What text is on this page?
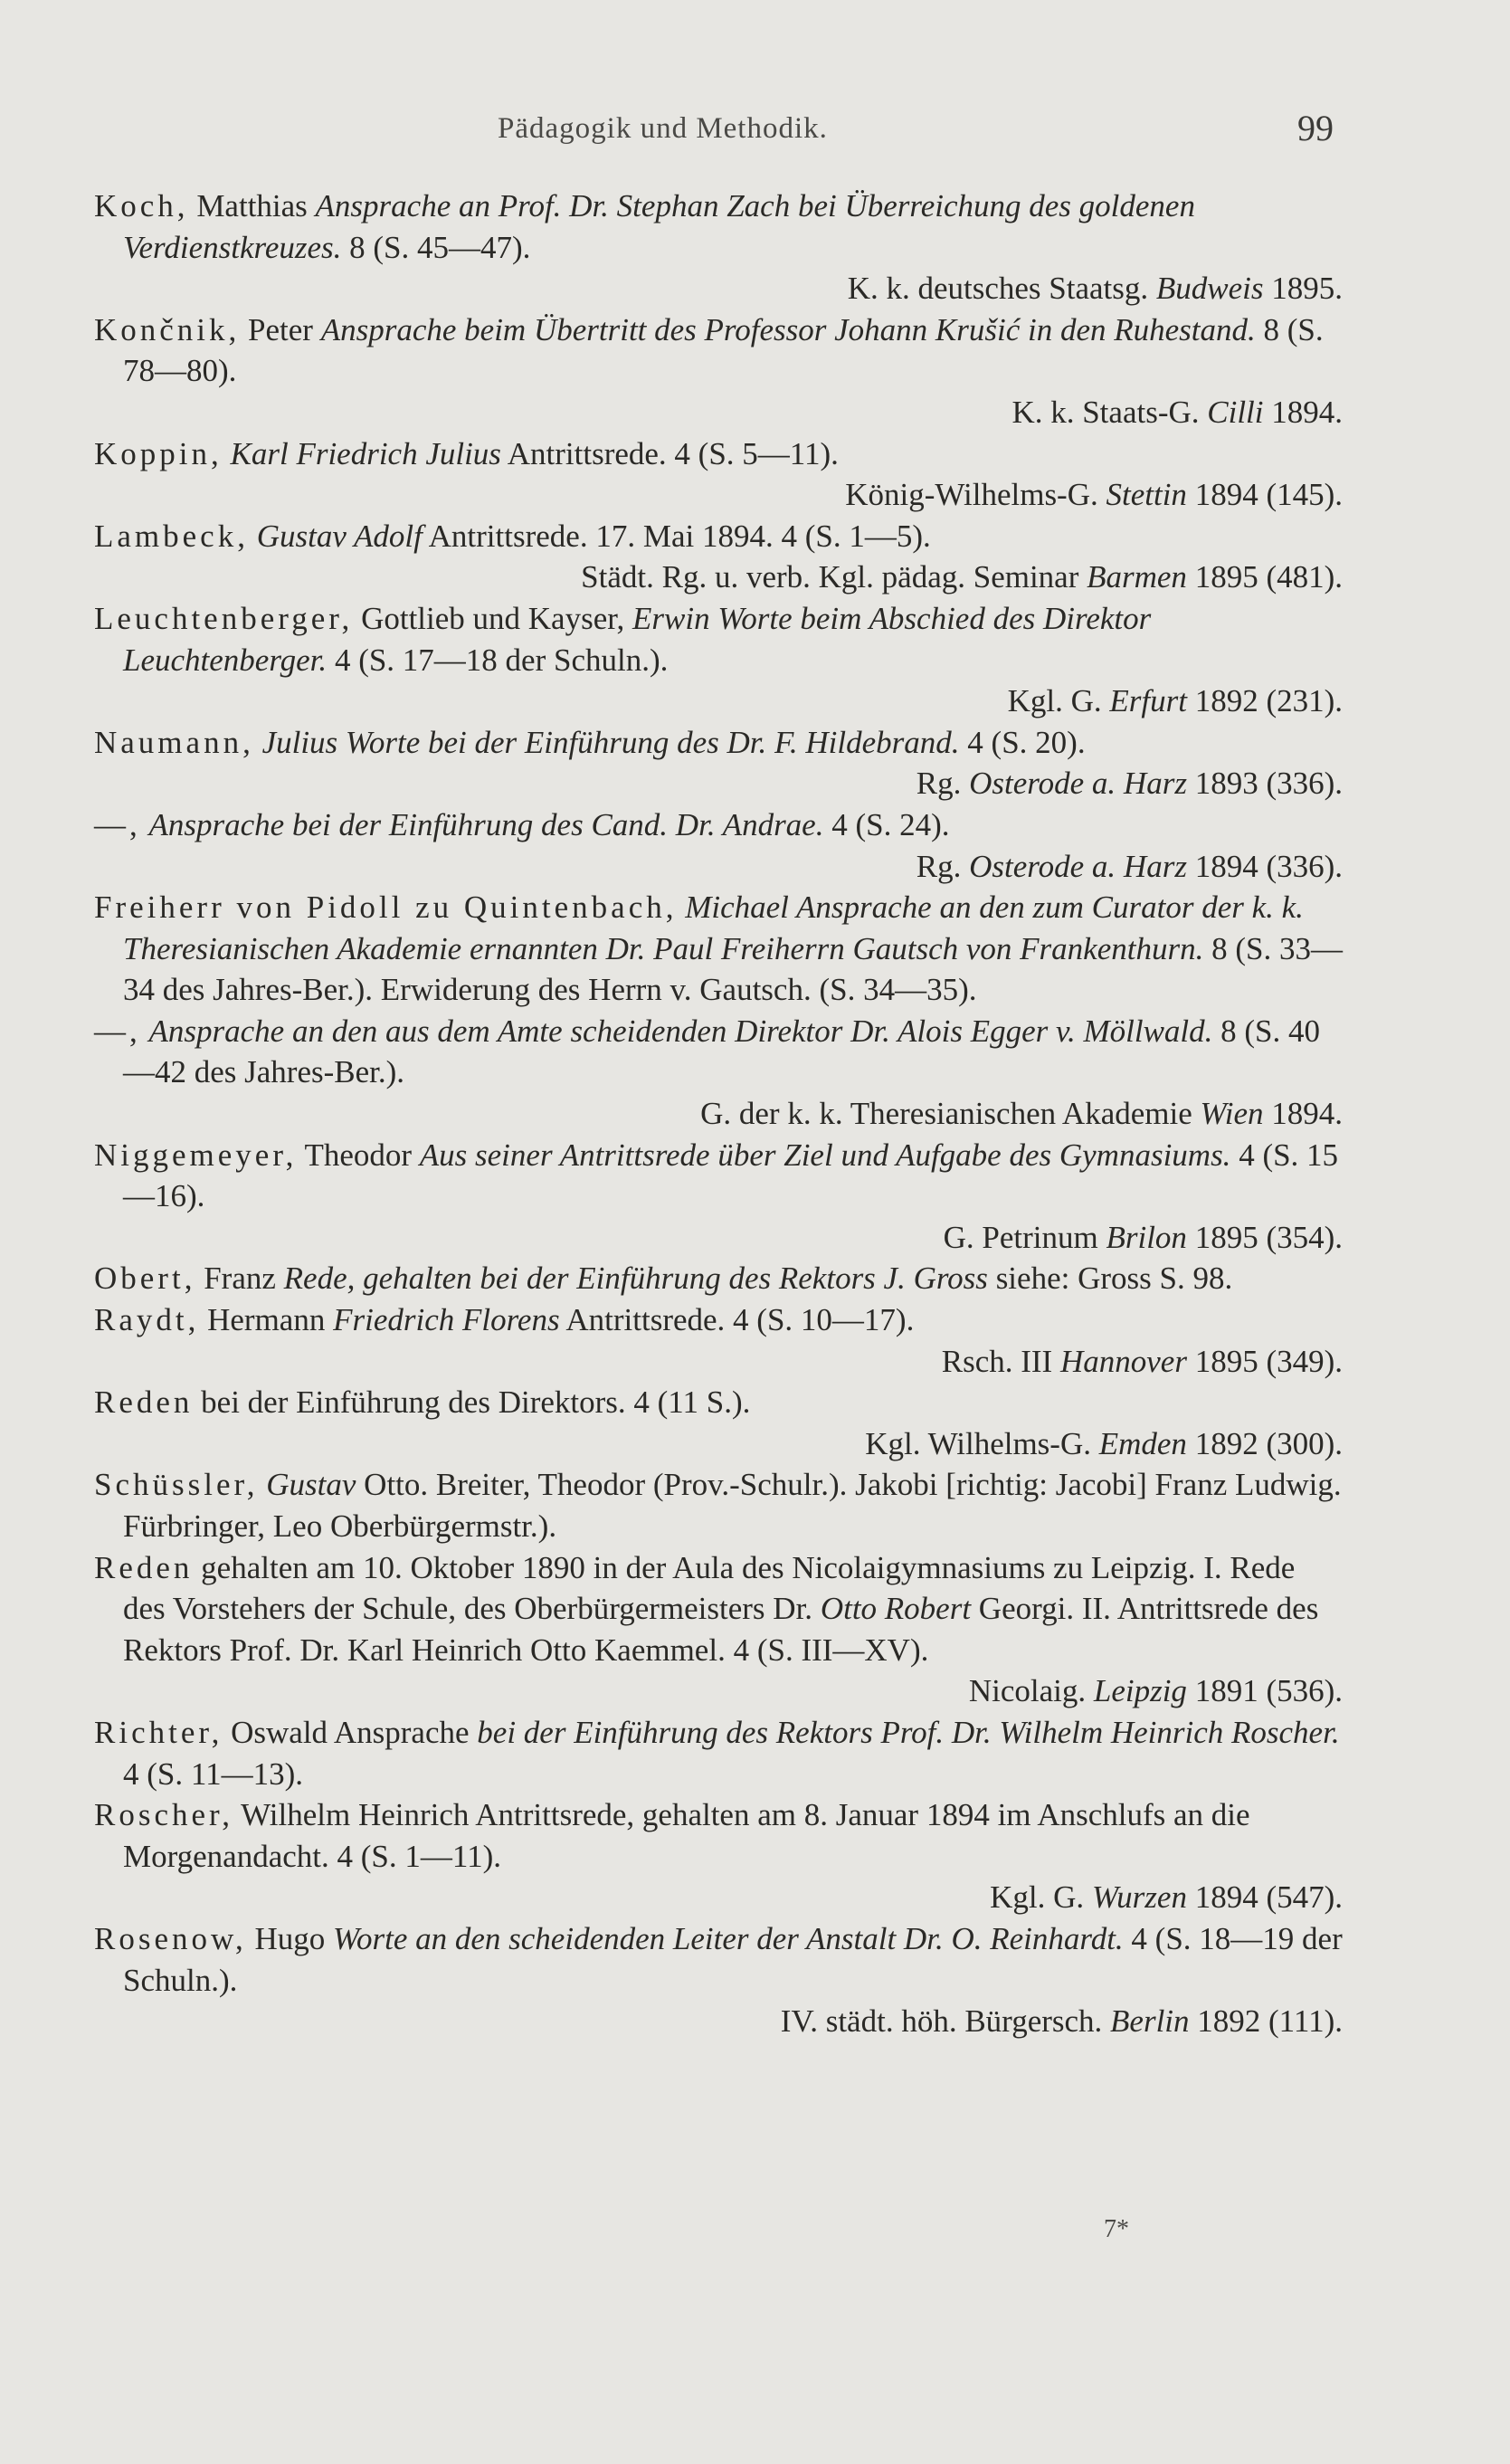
Pädagogik und Methodik.	99

Koch, Matthias Ansprache an Prof. Dr. Stephan Zach bei Überreichung des goldenen Verdienstkreuzes. 8 (S. 45—47).

K. k. deutsches Staatsg. Budweis 1895.

Končnik, Peter Ansprache beim Übertritt des Professor Johann Krušić in den Ruhestand. 8 (S. 78—80).

K. k. Staats-G. Cilli 1894.

Koppin, Karl Friedrich Julius Antrittsrede. 4 (S. 5—11).

König-Wilhelms-G. Stettin 1894 (145).

Lambeck, Gustav Adolf Antrittsrede. 17. Mai 1894. 4 (S. 1—5).

Städt. Rg. u. verb. Kgl. pädag. Seminar Barmen 1895 (481).

Leuchtenberger, Gottlieb und Kayser, Erwin Worte beim Abschied des Direktor Leuchtenberger. 4 (S. 17—18 der Schuln.).

Kgl. G. Erfurt 1892 (231).

Naumann, Julius Worte bei der Einführung des Dr. F. Hildebrand. 4 (S. 20).

Rg. Osterode a. Harz 1893 (336).

—, Ansprache bei der Einführung des Cand. Dr. Andrae. 4 (S. 24).

Rg. Osterode a. Harz 1894 (336).

Freiherr von Pidoll zu Quintenbach, Michael Ansprache an den zum Curator der k. k. Theresianischen Akademie ernannten Dr. Paul Freiherrn Gautsch von Frankenthurn. 8 (S. 33—34 des Jahres-Ber.). Erwiderung des Herrn v. Gautsch. (S. 34—35).

—, Ansprache an den aus dem Amte scheidenden Direktor Dr. Alois Egger v. Möllwald. 8 (S. 40—42 des Jahres-Ber.).

G. der k. k. Theresianischen Akademie Wien 1894.

Niggemeyer, Theodor Aus seiner Antrittsrede über Ziel und Aufgabe des Gymnasiums. 4 (S. 15—16).

G. Petrinum Brilon 1895 (354).

Obert, Franz Rede, gehalten bei der Einführung des Rektors J. Gross siehe: Gross S. 98.

Raydt, Hermann Friedrich Florens Antrittsrede. 4 (S. 10—17).

Rsch. III Hannover 1895 (349).

Reden bei der Einführung des Direktors. 4 (11 S.).

Kgl. Wilhelms-G. Emden 1892 (300).

Schüssler, Gustav Otto. Breiter, Theodor (Prov.-Schulr.). Jakobi [richtig: Jacobi] Franz Ludwig. Fürbringer, Leo Oberbürgermstr.).

Reden gehalten am 10. Oktober 1890 in der Aula des Nicolaigymnasiums zu Leipzig. I. Rede des Vorstehers der Schule, des Oberbürgermeisters Dr. Otto Robert Georgi. II. Antrittsrede des Rektors Prof. Dr. Karl Heinrich Otto Kaemmel. 4 (S. III—XV).

Nicolaig. Leipzig 1891 (536).

Richter, Oswald Ansprache bei der Einführung des Rektors Prof. Dr. Wilhelm Heinrich Roscher. 4 (S. 11—13).

Roscher, Wilhelm Heinrich Antrittsrede, gehalten am 8. Januar 1894 im Anschlufs an die Morgenandacht. 4 (S. 1—11).

Kgl. G. Wurzen 1894 (547).

Rosenow, Hugo Worte an den scheidenden Leiter der Anstalt Dr. O. Reinhardt. 4 (S. 18—19 der Schuln.).

IV. städt. höh. Bürgersch. Berlin 1892 (111).

7*
